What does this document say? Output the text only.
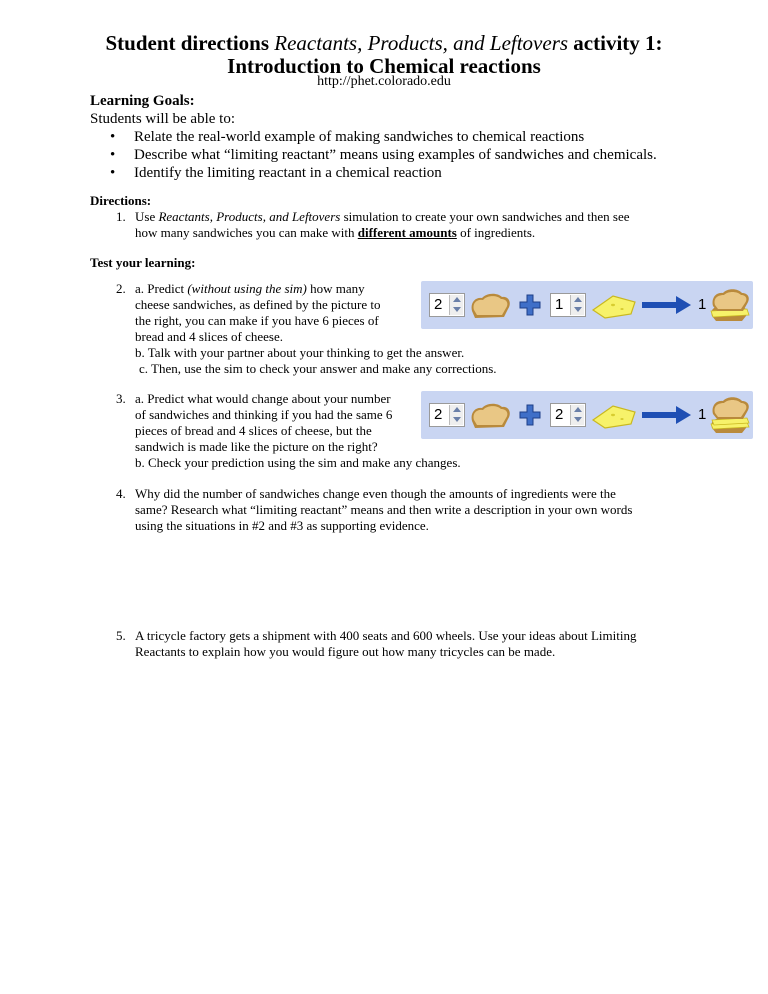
Student directions Reactants, Products, and Leftovers activity 1:
Introduction to Chemical reactions
http://phet.colorado.edu
Learning Goals:
Students will be able to:
• Relate the real-world example of making sandwiches to chemical reactions
• Describe what “limiting reactant” means using examples of sandwiches and chemicals.
• Identify the limiting reactant in a chemical reaction
Directions:
1. Use Reactants, Products, and Leftovers simulation to create your own sandwiches and then see
how many sandwiches you can make with different amounts of ingredients.
Test your learning:
2. a. Predict (without using the sim) how many
cheese sandwiches, as defined by the picture to
the right, you can make if you have 6 pieces of
bread and 4 slices of cheese.
b. Talk with your partner about your thinking to get the answer.
c. Then, use the sim to check your answer and make any corrections.
2	1	1
3. a. Predict what would change about your number
of sandwiches and thinking if you had the same 6
pieces of bread and 4 slices of cheese, but the
sandwich is made like the picture on the right?
b. Check your prediction using the sim and make any changes.
2	2	1
4. Why did the number of sandwiches change even though the amounts of ingredients were the
same? Research what “limiting reactant” means and then write a description in your own words
using the situations in #2 and #3 as supporting evidence.
5. A tricycle factory gets a shipment with 400 seats and 600 wheels. Use your ideas about Limiting
Reactants to explain how you would figure out how many tricycles can be made.
